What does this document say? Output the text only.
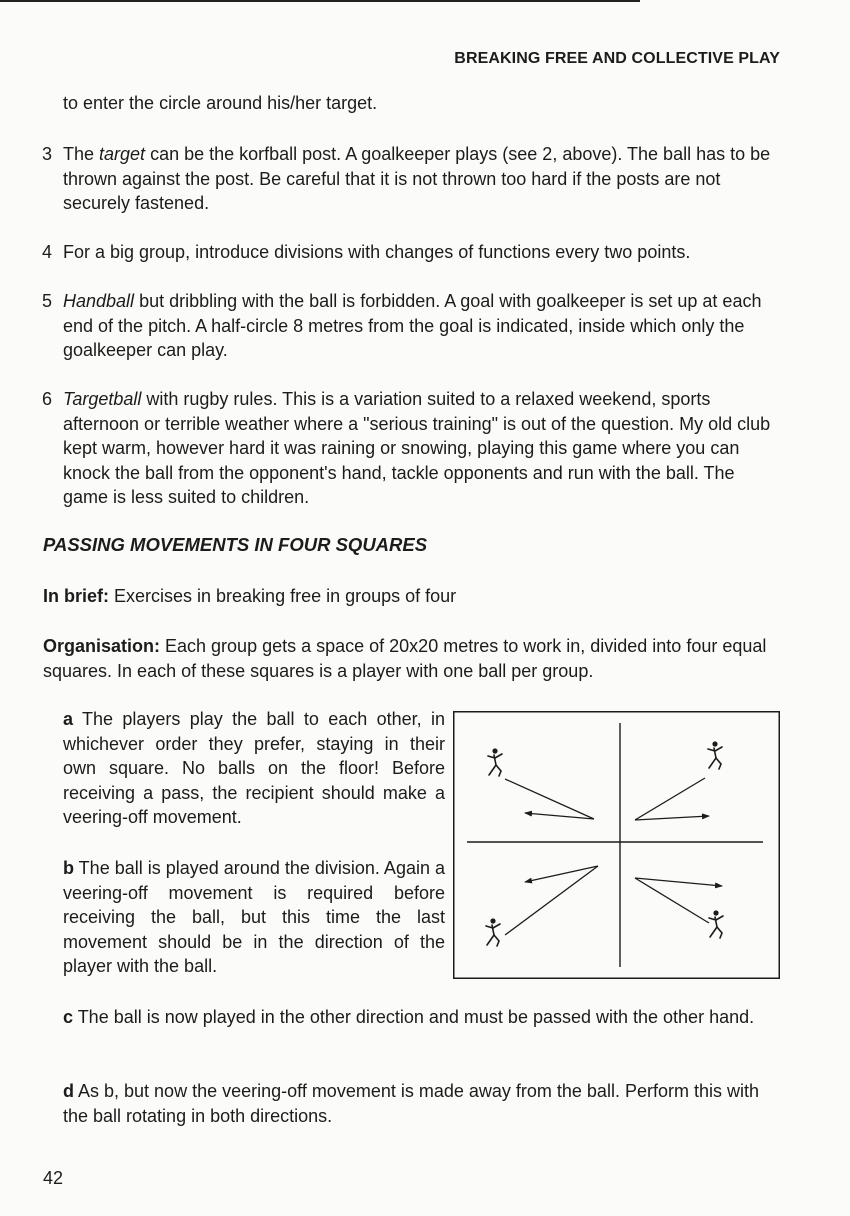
BREAKING FREE AND COLLECTIVE PLAY
to enter the circle around his/her target.
3 The target can be the korfball post. A goalkeeper plays (see 2, above). The ball has to be thrown against the post. Be careful that it is not thrown too hard if the posts are not securely fastened.
4 For a big group, introduce divisions with changes of functions every two points.
5 Handball but dribbling with the ball is forbidden. A goal with goalkeeper is set up at each end of the pitch. A half-circle 8 metres from the goal is indicated, inside which only the goalkeeper can play.
6 Targetball with rugby rules. This is a variation suited to a relaxed weekend, sports afternoon or terrible weather where a "serious training" is out of the question. My old club kept warm, however hard it was raining or snowing, playing this game where you can knock the ball from the opponent's hand, tackle opponents and run with the ball. The game is less suited to children.
PASSING MOVEMENTS IN FOUR SQUARES
In brief: Exercises in breaking free in groups of four
Organisation: Each group gets a space of 20x20 metres to work in, divided into four equal squares. In each of these squares is a player with one ball per group.
a The players play the ball to each other, in whichever order they prefer, staying in their own square. No balls on the floor! Before receiving a pass, the recipient should make a veering-off movement.
b The ball is played around the division. Again a veering-off movement is required before receiving the ball, but this time the last movement should be in the direction of the player with the ball.
c The ball is now played in the other direction and must be passed with the other hand.
d As b, but now the veering-off movement is made away from the ball. Perform this with the ball rotating in both directions.
42
